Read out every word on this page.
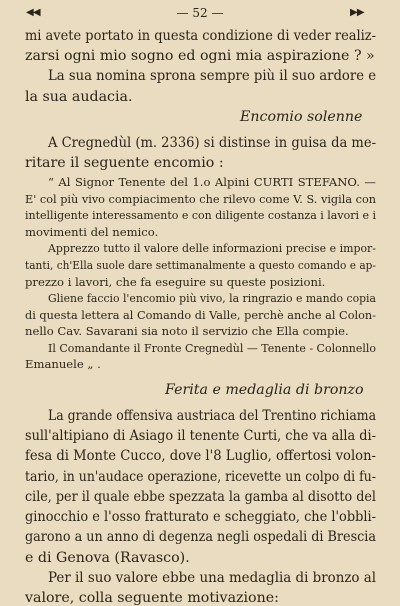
◀ ◀	— 52 —	▶ ▶
mi avete portato in questa condizione di veder realiz-
zarsi ogni mio sogno ed ogni mia aspirazione ? »
La sua nomina sprona sempre più il suo ardore e
la sua audacia.
Encomio solenne
A Cregnedùl (m. 2336) si distinse in guisa da me-
ritare il seguente encomio :
“ Al Signor Tenente del 1.o Alpini CURTI STEFANO. —
E' col più vivo compiacimento che rilevo come V. S. vigila con
intelligente interessamento e con diligente costanza i lavori e i
movimenti del nemico.
Apprezzo tutto il valore delle informazioni precise e impor-
tanti, ch'Ella suole dare settimanalmente a questo comando e ap-
prezzo i lavori, che fa eseguire su queste posizioni.
Gliene faccio l'encomio più vivo, la ringrazio e mando copia
di questa lettera al Comando di Valle, perchè anche al Colon-
nello Cav. Savarani sia noto il servizio che Ella compie.
Il Comandante il Fronte Cregnedùl — Tenente - Colonnello
Emanuele „ .
Ferita e medaglia di bronzo
La grande offensiva austriaca del Trentino richiama
sull'altipiano di Asiago il tenente Curti, che va alla di-
fesa di Monte Cucco, dove l'8 Luglio, offertosi volon-
tario, in un'audace operazione, ricevette un colpo di fu-
cile, per il quale ebbe spezzata la gamba al disotto del
ginocchio e l'osso fratturato e scheggiato, che l'obbli-
garono a un anno di degenza negli ospedali di Brescia
e di Genova (Ravasco).
Per il suo valore ebbe una medaglia di bronzo al
valore, colla seguente motivazione:
